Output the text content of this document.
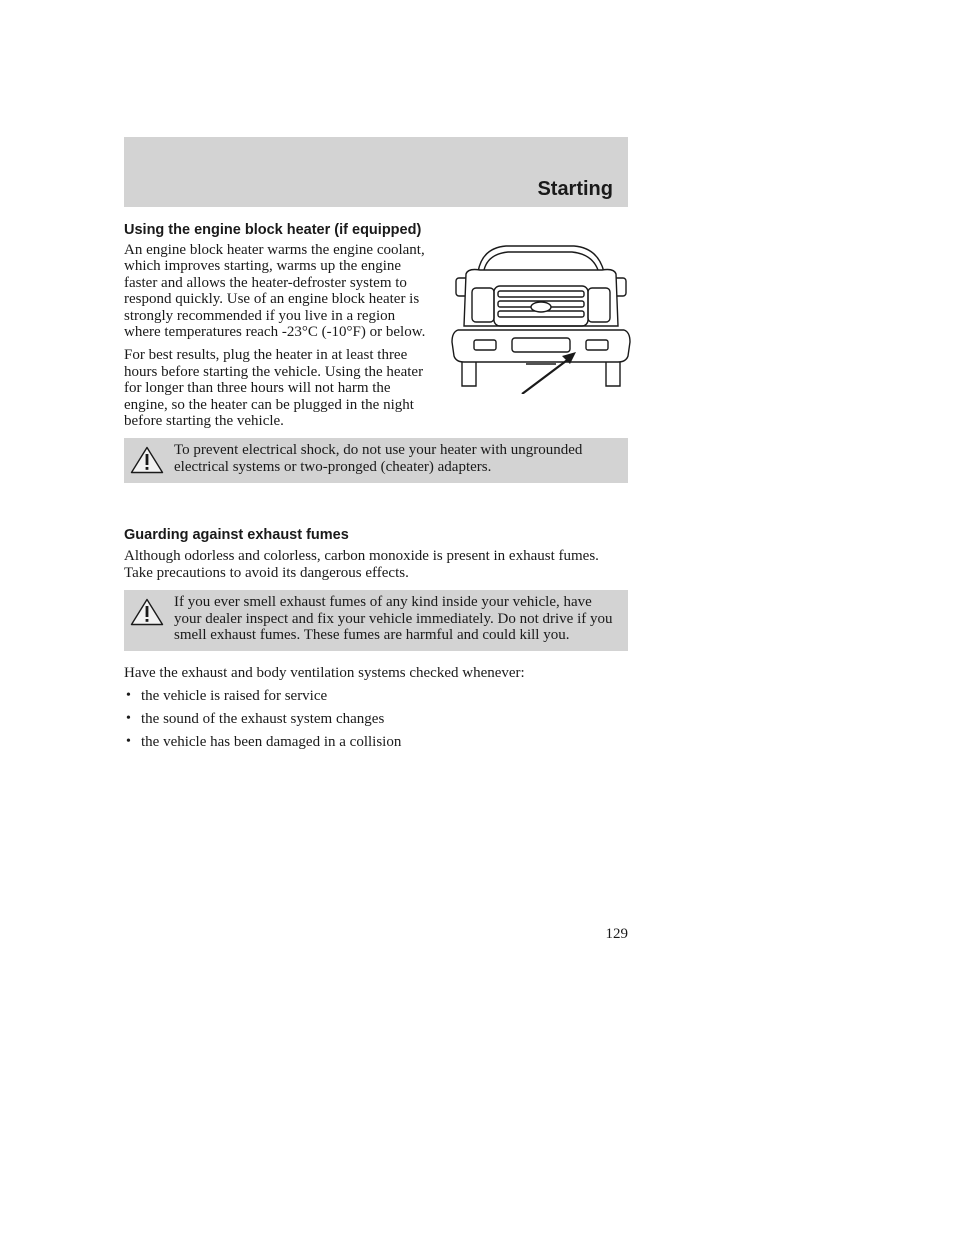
Starting
Using the engine block heater (if equipped)

An engine block heater warms the engine coolant, which improves starting, warms up the engine faster and allows the heater-defroster system to respond quickly. Use of an engine block heater is strongly recommended if you live in a region where temperatures reach -23°C (-10°F) or below.

For best results, plug the heater in at least three hours before starting the vehicle. Using the heater for longer than three hours will not harm the engine, so the heater can be plugged in the night before starting the vehicle.

To prevent electrical shock, do not use your heater with ungrounded electrical systems or two-pronged (cheater) adapters.
Guarding against exhaust fumes

Although odorless and colorless, carbon monoxide is present in exhaust fumes. Take precautions to avoid its dangerous effects.

If you ever smell exhaust fumes of any kind inside your vehicle, have your dealer inspect and fix your vehicle immediately. Do not drive if you smell exhaust fumes. These fumes are harmful and could kill you.

Have the exhaust and body ventilation systems checked whenever:

• the vehicle is raised for service
• the sound of the exhaust system changes
• the vehicle has been damaged in a collision
129
